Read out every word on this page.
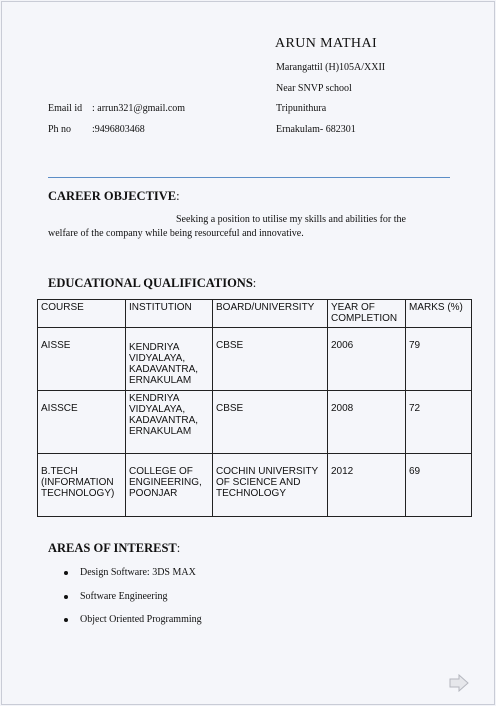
ARUN MATHAI
Marangattil (H)105A/XXII
Near SNVP school
Tripunithura
Ernakulam- 682301
Email id : arrun321@gmail.com
Ph no :9496803468
CAREER OBJECTIVE:
Seeking a position to utilise my skills and abilities for the welfare of the company while being resourceful and innovative.
EDUCATIONAL QUALIFICATIONS:
COURSE	INSTITUTION	BOARD/UNIVERSITY	YEAR OF COMPLETION	MARKS (%)
AISSE	KENDRIYA VIDYALAYA, KADAVANTRA, ERNAKULAM	CBSE	2006	79
AISSCE	KENDRIYA VIDYALAYA, KADAVANTRA, ERNAKULAM	CBSE	2008	72
B.TECH (INFORMATION TECHNOLOGY)	COLLEGE OF ENGINEERING, POONJAR	COCHIN UNIVERSITY OF SCIENCE AND TECHNOLOGY	2012	69
AREAS OF INTEREST:
Design Software: 3DS MAX
Software Engineering
Object Oriented Programming
